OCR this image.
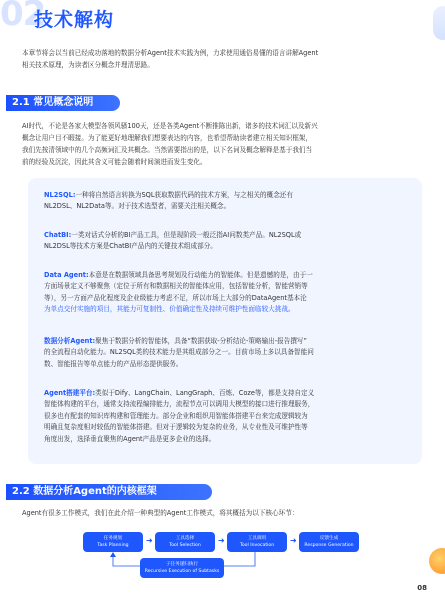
02
技术解构
本章节将会以当前已经成功落地的数据分析Agent技术实践为例，力求使用通俗易懂的语言讲解Agent
相关技术原理，为读者区分概念并理清思路。
2.1 常见概念说明
AI时代，不论是各家大模型各领风骚100天，还是各类Agent不断推陈出新，诸多的技术词汇以及新兴
概念让用户目不暇接。为了能更好地理解我们想要表达的内容，也希望帮助读者建立相关知识框架，
我们先按清领域中的几个高频词汇及其概念。当然需要指出的是，以下名词及概念解释是基于我们当
前的经验及沉淀，因此其含义可能会随着时间演进而发生变化。
NL2SQL:一种将自然语言转换为SQL获取数据代码的技术方案，与之相关的概念还有
NL2DSL、NL2Data等。对于技术选型者，需要关注相关概念。
ChatBI:一类对话式分析的BI产品工具，但是现阶段一般泛指AI问数类产品。NL2SQL或
NL2DSL等技术方案是ChatBI产品内的关键技术组成部分。
Data Agent:本意是在数据领域具备思考规划及行动能力的智能体。但是遗憾的是，由于一
方面场景定义不够聚焦（定位于所有和数据相关的智能体应用，包括智能分析，智能营销等
等），另一方面产品化程度及企业级能力考虑不足，所以市场上大部分的DataAgent基本沦
为单点交付实施的项目，其能力可复制性、价值确定性及持续可维护性面临较大挑战。
数据分析Agent:聚焦于数据分析的智能体，具备“数据获取-分析结论-策略输出-报告撰写”
的全流程自动化能力。NL2SQL类的技术能力是其组成部分之一。目前市场上多以具备智能问
数、智能报告等单点能力的产品形态提供服务。
Agent搭建平台:类似于Dify、LangChain、LangGraph、百炼、Coze等，都是支持自定义
智能体构建的平台，通常支持流程编排能力，流程节点可以调用大模型的接口进行推理服务，
很多也有配套的知识库构建和管理能力。部分企业和组织用智能体搭建平台来完成逻辑较为
明确且复杂度相对较低的智能体搭建。但对于逻辑较为复杂的业务，从专业性及可维护性等
角度出发，选择垂直聚焦的Agent产品是更多企业的选择。
2.2 数据分析Agent的内核框架
Agent有很多工作模式，我们在此介绍一种典型的Agent工作模式，将其概括为以下核心环节：
任务规划
Task Planning
➜	工具选择
Tool Selection
➜	工具调用
Tool Invocation
➜	反馈生成
Response Generation
子任务递归执行
Recursive Execution of Subtasks
08
